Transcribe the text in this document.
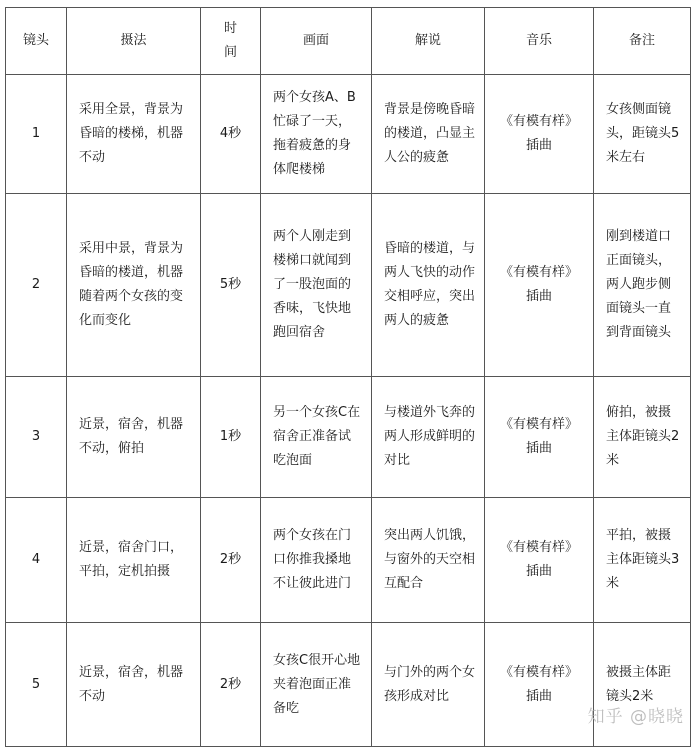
镜头	摄法	时间	画面	解说	音乐	备注
1	采用全景，背景为昏暗的楼梯，机器不动	4秒	两个女孩A、B忙碌了一天，拖着疲惫的身体爬楼梯	背景是傍晚昏暗的楼道，凸显主人公的疲惫	《有模有样》插曲	女孩侧面镜头，距镜头5米左右
2	采用中景，背景为昏暗的楼道，机器随着两个女孩的变化而变化	5秒	两个人刚走到楼梯口就闻到了一股泡面的香味，飞快地跑回宿舍	昏暗的楼道，与两人飞快的动作交相呼应，突出两人的疲惫	《有模有样》插曲	刚到楼道口正面镜头，两人跑步侧面镜头一直到背面镜头
3	近景，宿舍，机器不动，俯拍	1秒	另一个女孩C在宿舍正准备试吃泡面	与楼道外飞奔的两人形成鲜明的对比	《有模有样》插曲	俯拍，被摄主体距镜头2米
4	近景，宿舍门口，平拍，定机拍摄	2秒	两个女孩在门口你推我搡地不让彼此进门	突出两人饥饿，与窗外的天空相互配合	《有模有样》插曲	平拍，被摄主体距镜头3米
5	近景，宿舍，机器不动	2秒	女孩C很开心地夹着泡面正准备吃	与门外的两个女孩形成对比	《有模有样》插曲	被摄主体距镜头2米
知乎 @晓晓
